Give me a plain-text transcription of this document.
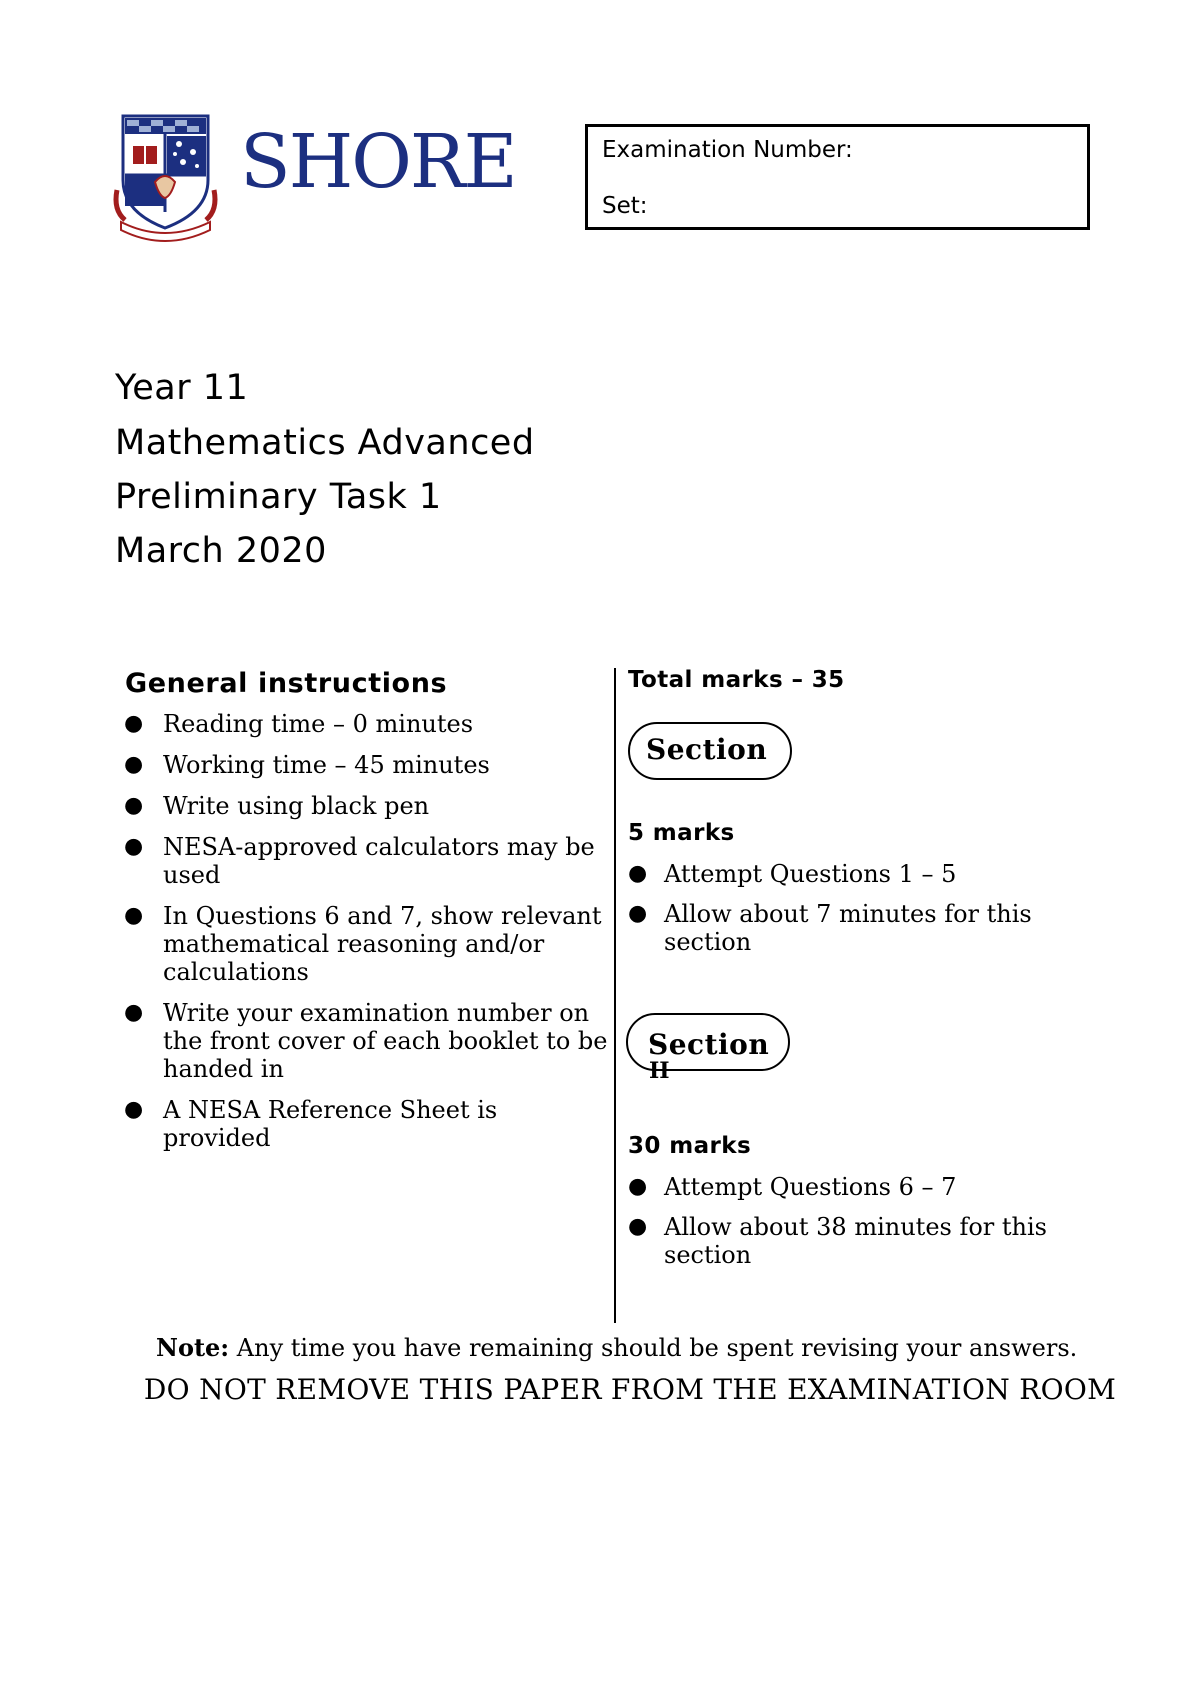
SHORE	Examination Number:
Set:
Year 11
Mathematics Advanced
Preliminary Task 1
March 2020
General instructions
● Reading time – 0 minutes
● Working time – 45 minutes
● Write using black pen
● NESA-approved calculators may be used
● In Questions 6 and 7, show relevant mathematical reasoning and/or calculations
● Write your examination number on the front cover of each booklet to be handed in
● A NESA Reference Sheet is provided
Total marks – 35
Section
5 marks
● Attempt Questions 1 – 5
● Allow about 7 minutes for this section
Section
II
30 marks
● Attempt Questions 6 – 7
● Allow about 38 minutes for this section
Note: Any time you have remaining should be spent revising your answers.
DO NOT REMOVE THIS PAPER FROM THE EXAMINATION ROOM
